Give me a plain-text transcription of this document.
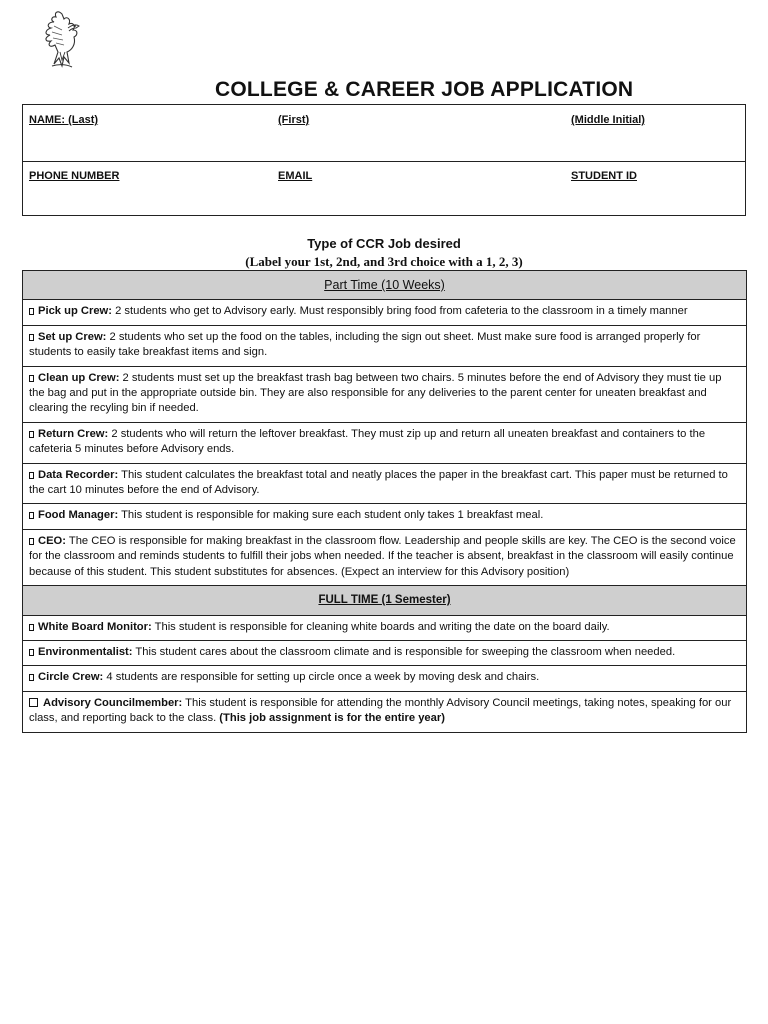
COLLEGE & CAREER JOB APPLICATION
NAME: (Last)	(First)	(Middle Initial)
PHONE NUMBER	EMAIL	STUDENT ID
Type of CCR Job desired
(Label your 1st, 2nd, and 3rd choice with a 1, 2, 3)
Part Time (10 Weeks)
Pick up Crew: 2 students who get to Advisory early. Must responsibly bring food from cafeteria to the classroom in a timely manner
Set up Crew: 2 students who set up the food on the tables, including the sign out sheet. Must make sure food is arranged properly for students to easily take breakfast items and sign.
Clean up Crew: 2 students must set up the breakfast trash bag between two chairs. 5 minutes before the end of Advisory they must tie up the bag and put in the appropriate outside bin. They are also responsible for any deliveries to the parent center for uneaten breakfast and clearing the recyling bin if needed.
Return Crew: 2 students who will return the leftover breakfast. They must zip up and return all uneaten breakfast and containers to the cafeteria 5 minutes before Advisory ends.
Data Recorder: This student calculates the breakfast total and neatly places the paper in the breakfast cart. This paper must be returned to the cart 10 minutes before the end of Advisory.
Food Manager: This student is responsible for making sure each student only takes 1 breakfast meal.
CEO: The CEO is responsible for making breakfast in the classroom flow. Leadership and people skills are key. The CEO is the second voice for the classroom and reminds students to fulfill their jobs when needed. If the teacher is absent, breakfast in the classroom will easily continue because of this student. This student substitutes for absences. (Expect an interview for this Advisory position)
FULL TIME (1 Semester)
White Board Monitor: This student is responsible for cleaning white boards and writing the date on the board daily.
Environmentalist: This student cares about the classroom climate and is responsible for sweeping the classroom when needed.
Circle Crew: 4 students are responsible for setting up circle once a week by moving desk and chairs.
Advisory Councilmember: This student is responsible for attending the monthly Advisory Council meetings, taking notes, speaking for our class, and reporting back to the class. (This job assignment is for the entire year)
